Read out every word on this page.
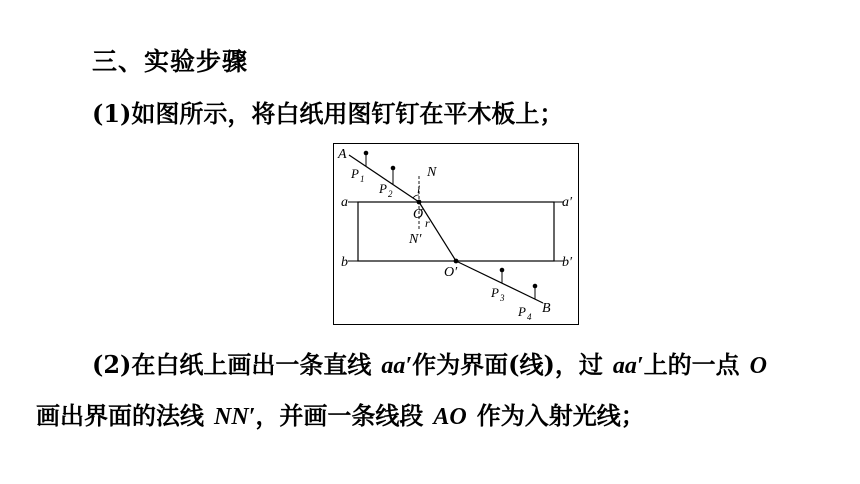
三、实验步骤
(1)如图所示，将白纸用图钉钉在平木板上；
A
P 1
P 2
N
i
a	a′
O
r
N′
b	b′
O′
P 3
P 4
B
(2)在白纸上画出一条直线 aa′作为界面(线)，过 aa′上的一点 O
画出界面的法线 NN′，并画一条线段 AO 作为入射光线；
